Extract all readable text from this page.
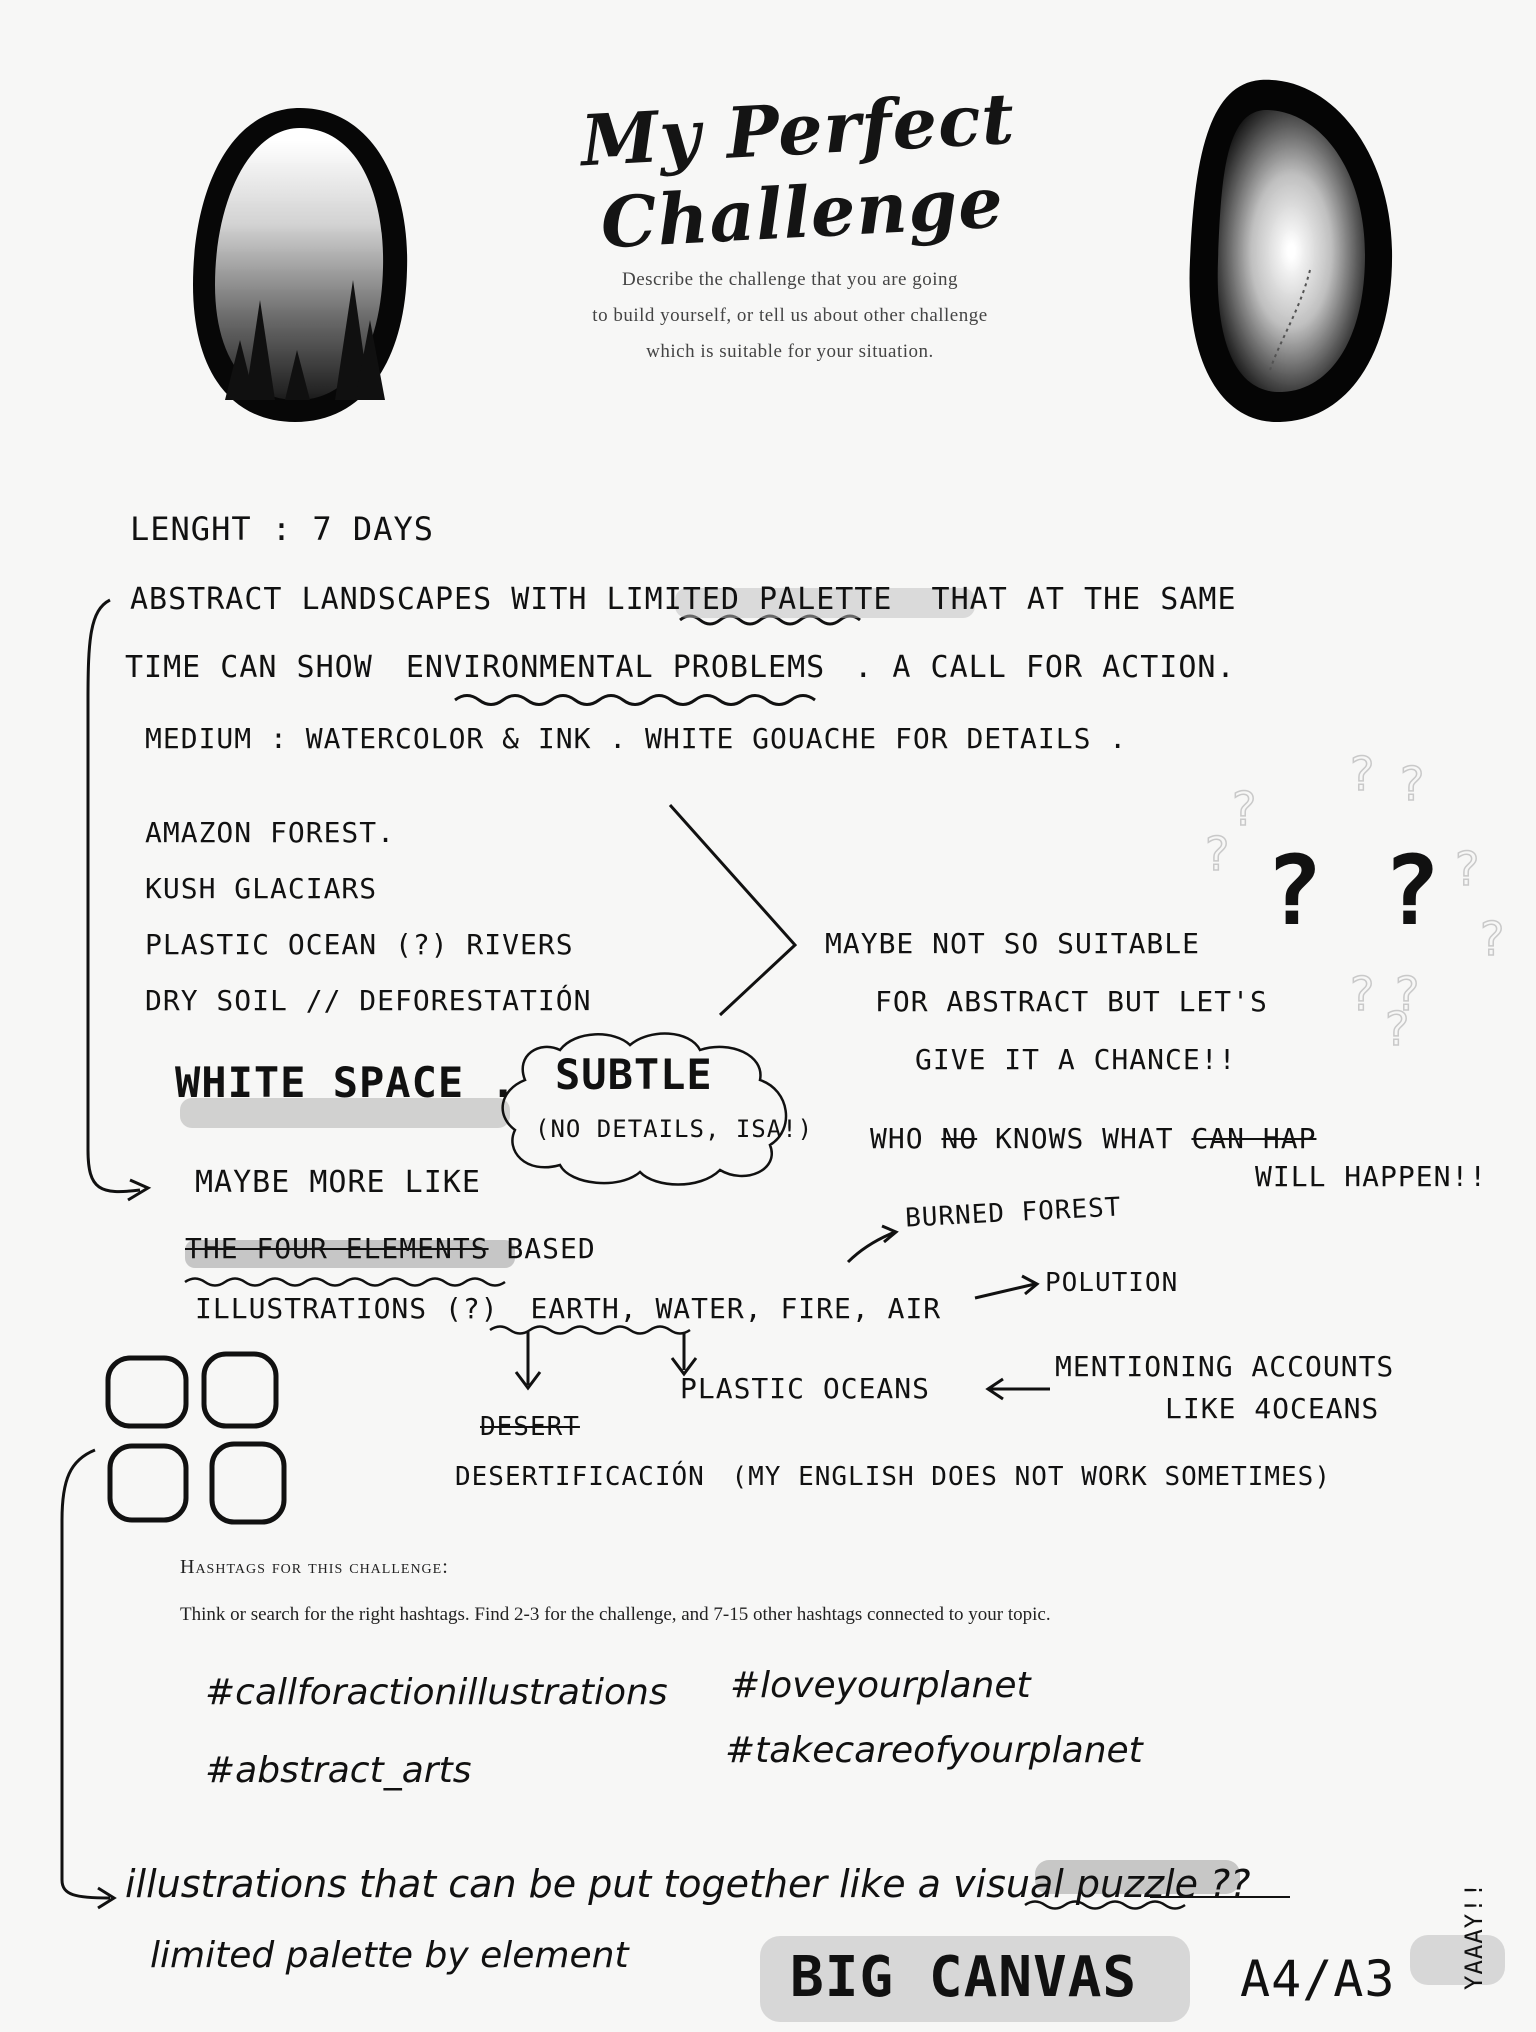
My Perfect Challenge
Describe the challenge that you are going
to build yourself, or tell us about other challenge
which is suitable for your situation.
?
? ?
?	?
?
? ?
?
LENGHT : 7 DAYS
ABSTRACT LANDSCAPES WITH LIMITED PALETTE THAT AT THE SAME
TIME CAN SHOW ENVIRONMENTAL PROBLEMS . A CALL FOR ACTION.
MEDIUM : WATERCOLOR & INK . WHITE GOUACHE FOR DETAILS .
AMAZON FOREST.
KUSH GLACIARS
PLASTIC OCEAN (?) RIVERS
DRY SOIL // DEFORESTATIÓN
MAYBE NOT SO SUITABLE
FOR ABSTRACT BUT LET'S
GIVE IT A CHANCE!!
? ?
WHO NO KNOWS WHAT CAN HAP
WILL HAPPEN!!
WHITE SPACE . SUBTLE
(NO DETAILS, ISA!)
MAYBE MORE LIKE
THE FOUR ELEMENTS BASED
ILLUSTRATIONS (?) EARTH, WATER, FIRE, AIR
BURNED FOREST
POLUTION
PLASTIC OCEANS
MENTIONING ACCOUNTS
LIKE 4OCEANS
DESERT
DESERTIFICACIÓN (MY ENGLISH DOES NOT WORK SOMETIMES)
Hashtags for this challenge:
Think or search for the right hashtags. Find 2-3 for the challenge, and 7-15 other hashtags connected to your topic.
#callforactionillustrations #loveyourplanet
#abstract_arts	#takecareofyourplanet
illustrations that can be put together like a visual puzzle ??
limited palette by element	BIG CANVAS A4/A3	YAAAY!!
